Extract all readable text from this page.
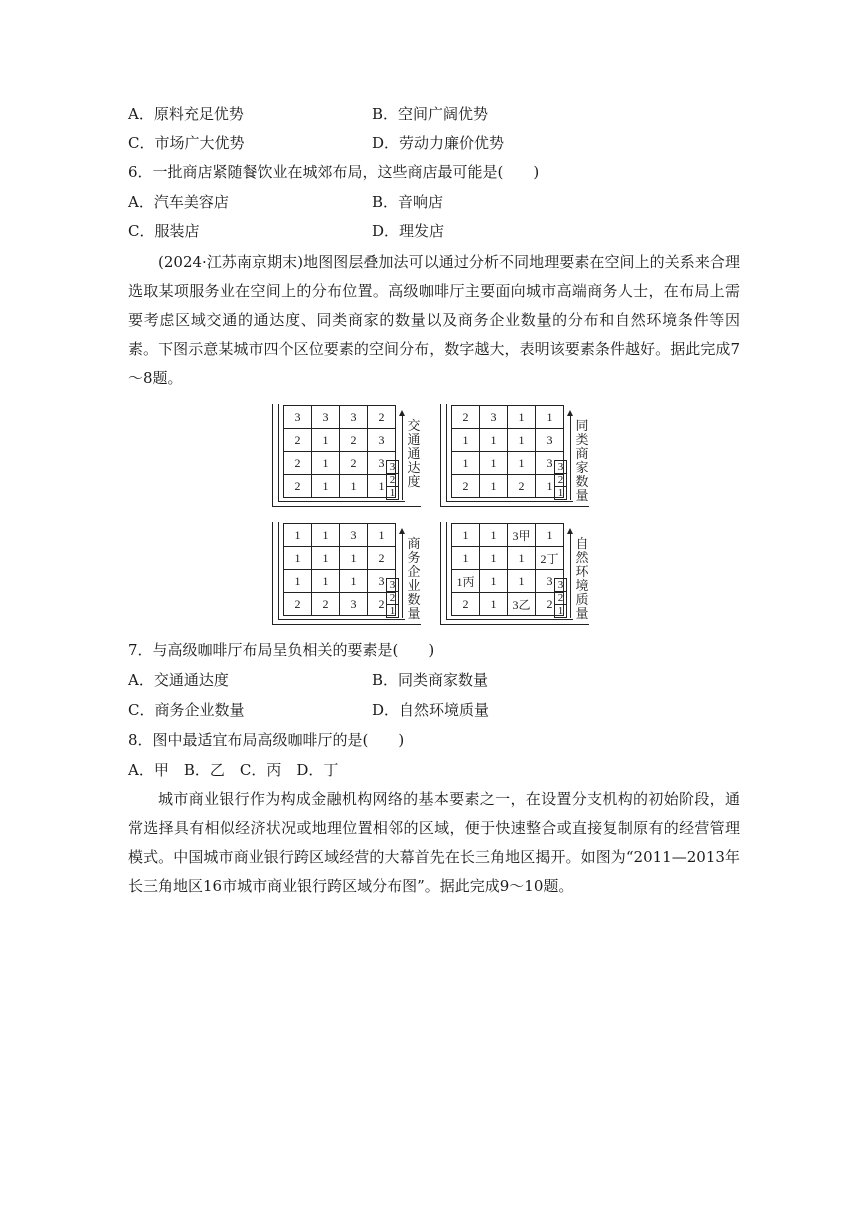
A．原料充足优势	B．空间广阔优势
C．市场广大优势	D．劳动力廉价优势
6．一批商店紧随餐饮业在城郊布局，这些商店最可能是(　　)
A．汽车美容店	B．音响店
C．服装店	D．理发店

(2024·江苏南京期末)地图图层叠加法可以通过分析不同地理要素在空间上的关系来合理选取某项服务业在空间上的分布位置。高级咖啡厅主要面向城市高端商务人士，在布局上需要考虑区域交通的通达度、同类商家的数量以及商务企业数量的分布和自然环境条件等因素。下图示意某城市四个区位要素的空间分布，数字越大，表明该要素条件越好。据此完成7～8题。

3	3	3	2
2	1	2	3
2	1	2	3
2	1	1	1
3
2
1
交通通达度
2	3	1	1
1	1	1	3
1	1	1	3
2	1	2	1
3
2
1
同类商家数量
1	1	3	1
1	1	1	2
1	1	1	3
2	2	3	2
3
2
1
商务企业数量
1	1	3甲	1
1	1	1	2丁
1丙	1	1	3
2	1	3乙	2
3
2
1
自然环境质量
7．与高级咖啡厅布局呈负相关的要素是(　　)
A．交通通达度	B．同类商家数量
C．商务企业数量	D．自然环境质量
8．图中最适宜布局高级咖啡厅的是(　　)
A．甲　B．乙　C．丙　D．丁

城市商业银行作为构成金融机构网络的基本要素之一，在设置分支机构的初始阶段，通常选择具有相似经济状况或地理位置相邻的区域，便于快速整合或直接复制原有的经营管理模式。中国城市商业银行跨区域经营的大幕首先在长三角地区揭开。如图为“2011—2013年长三角地区16市城市商业银行跨区域分布图”。据此完成9～10题。
